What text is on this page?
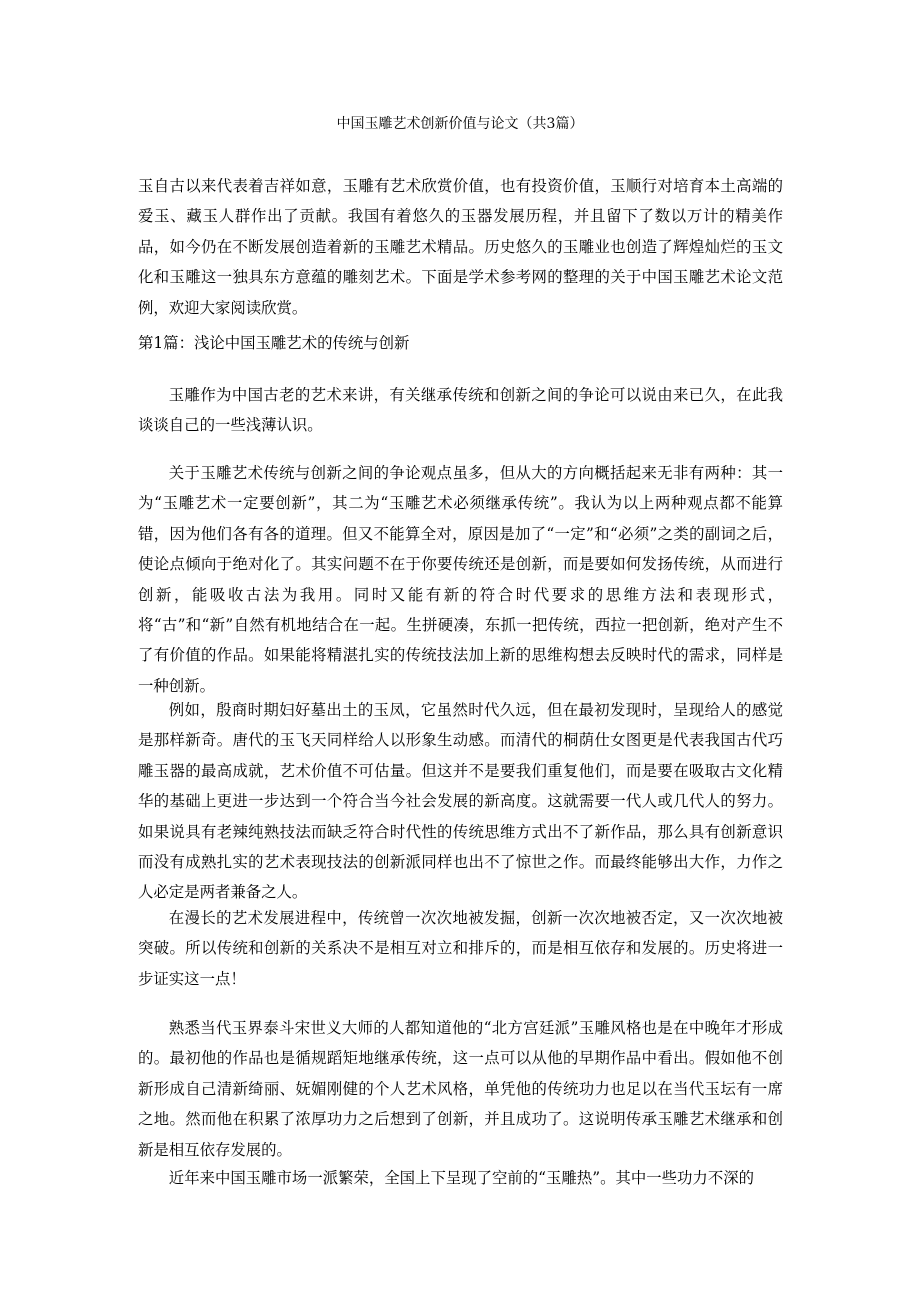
中国玉雕艺术创新价值与论文（共3篇）

玉自古以来代表着吉祥如意，玉雕有艺术欣赏价值，也有投资价值，玉顺行对培育本土高端的爱玉、藏玉人群作出了贡献。我国有着悠久的玉器发展历程，并且留下了数以万计的精美作品，如今仍在不断发展创造着新的玉雕艺术精品。历史悠久的玉雕业也创造了辉煌灿烂的玉文化和玉雕这一独具东方意蕴的雕刻艺术。下面是学术参考网的整理的关于中国玉雕艺术论文范例，欢迎大家阅读欣赏。

第1篇：浅论中国玉雕艺术的传统与创新

玉雕作为中国古老的艺术来讲，有关继承传统和创新之间的争论可以说由来已久，在此我谈谈自己的一些浅薄认识。

关于玉雕艺术传统与创新之间的争论观点虽多，但从大的方向概括起来无非有两种：其一为“玉雕艺术一定要创新”，其二为“玉雕艺术必须继承传统”。我认为以上两种观点都不能算错，因为他们各有各的道理。但又不能算全对，原因是加了“一定”和“必须”之类的副词之后，使论点倾向于绝对化了。其实问题不在于你要传统还是创新，而是要如何发扬传统，从而进行创新，能吸收古法为我用。同时又能有新的符合时代要求的思维方法和表现形式，将“古”和“新”自然有机地结合在一起。生拼硬凑，东抓一把传统，西拉一把创新，绝对产生不了有价值的作品。如果能将精湛扎实的传统技法加上新的思维构想去反映时代的需求，同样是一种创新。

例如，殷商时期妇好墓出土的玉凤，它虽然时代久远，但在最初发现时，呈现给人的感觉是那样新奇。唐代的玉飞天同样给人以形象生动感。而清代的桐荫仕女图更是代表我国古代巧雕玉器的最高成就，艺术价值不可估量。但这并不是要我们重复他们，而是要在吸取古文化精华的基础上更进一步达到一个符合当今社会发展的新高度。这就需要一代人或几代人的努力。如果说具有老辣纯熟技法而缺乏符合时代性的传统思维方式出不了新作品，那么具有创新意识而没有成熟扎实的艺术表现技法的创新派同样也出不了惊世之作。而最终能够出大作，力作之人必定是两者兼备之人。

在漫长的艺术发展进程中，传统曾一次次地被发掘，创新一次次地被否定，又一次次地被突破。所以传统和创新的关系决不是相互对立和排斥的，而是相互依存和发展的。历史将进一步证实这一点！

熟悉当代玉界泰斗宋世义大师的人都知道他的“北方宫廷派”玉雕风格也是在中晚年才形成的。最初他的作品也是循规蹈矩地继承传统，这一点可以从他的早期作品中看出。假如他不创新形成自己清新绮丽、妩媚刚健的个人艺术风格，单凭他的传统功力也足以在当代玉坛有一席之地。然而他在积累了浓厚功力之后想到了创新，并且成功了。这说明传承玉雕艺术继承和创新是相互依存发展的。

近年来中国玉雕市场一派繁荣，全国上下呈现了空前的“玉雕热”。其中一些功力不深的
